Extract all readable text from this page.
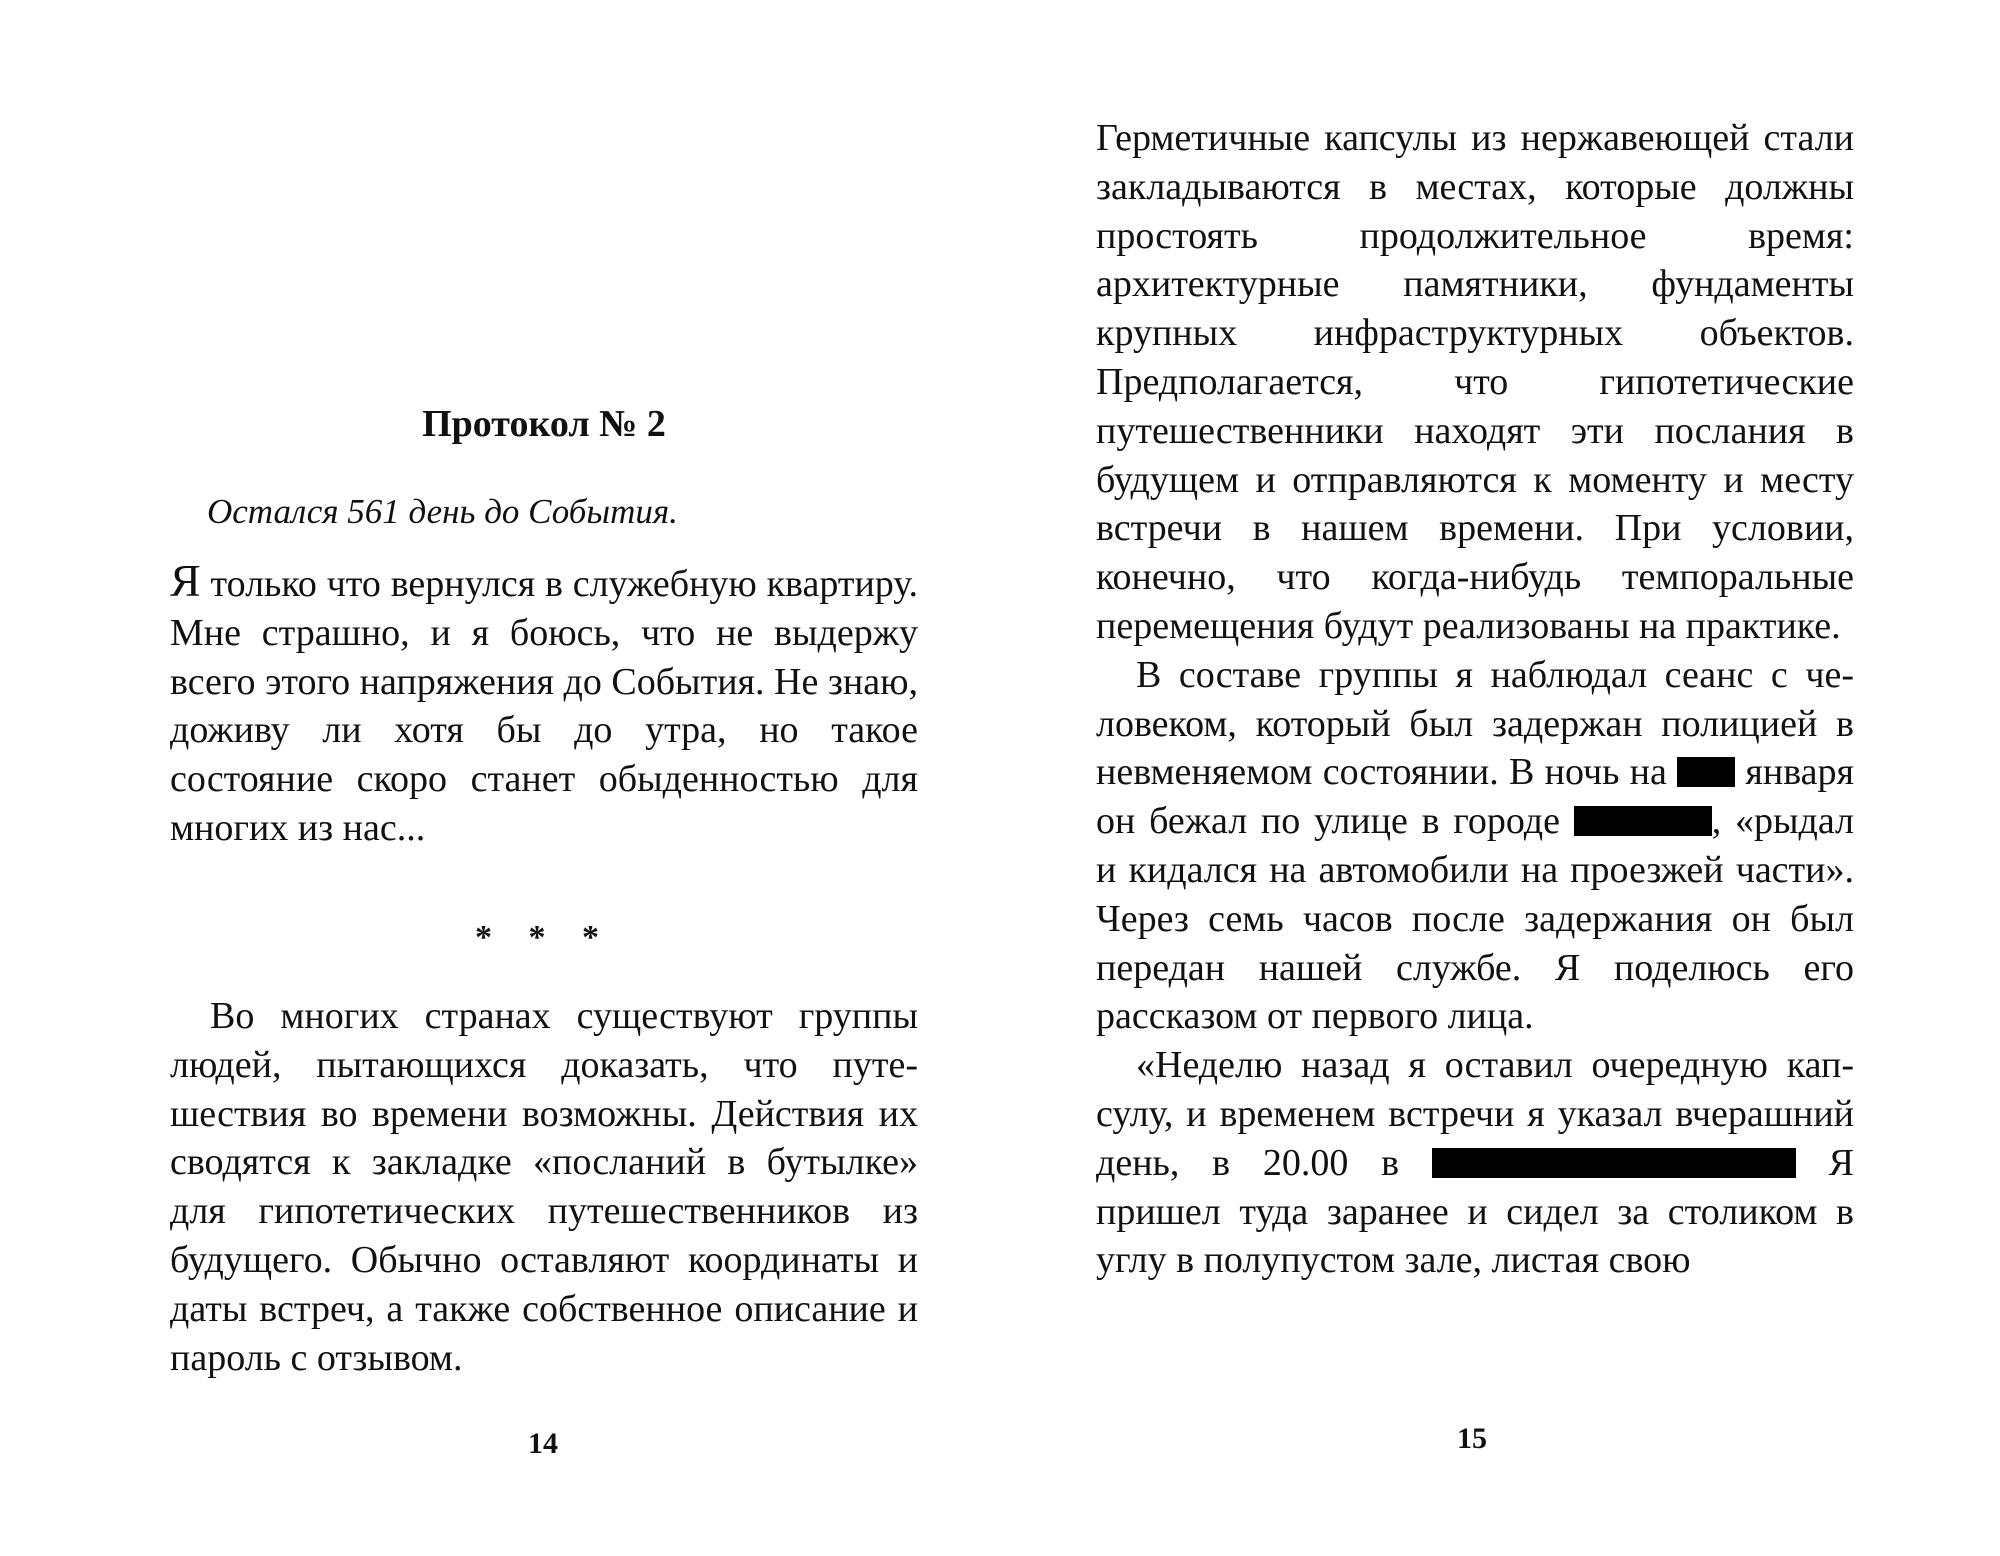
Протокол № 2

Остался 561 день до События.

Я только что вернулся в служебную квартиру. Мне страшно, и я боюсь, что не выдержу всего этого напряжения до События. Не знаю, доживу ли хотя бы до утра, но такое состояние скоро станет обыденностью для многих из нас...

* * *

Во многих странах существуют группы людей, пытающихся доказать, что путешествия во времени возможны. Действия их сводятся к закладке «посланий в бутылке» для гипотетических путешественников из будущего. Обычно оставляют координаты и даты встреч, а также собственное описание и пароль с отзывом.

14

Герметичные капсулы из нержавеющей стали закладываются в местах, которые должны простоять продолжительное время: архитектурные памятники, фундаменты крупных инфраструктурных объектов. Предполагается, что гипотетические путешественники находят эти послания в будущем и отправляются к моменту и месту встречи в нашем времени. При условии, конечно, что когда-нибудь темпоральные перемещения будут реализованы на практике.

В составе группы я наблюдал сеанс с человеком, который был задержан полицией в невменяемом состоянии. В ночь на  января он бежал по улице в городе	, «рыдал и кидался на автомобили на проезжей части». Через семь часов после задержания он был передан нашей службе. Я поделюсь его рассказом от первого лица.

«Неделю назад я оставил очередную капсулу, и временем встречи я указал вчерашний день, в 20.00 в	Я пришел туда заранее и сидел за столиком в углу в полупустом зале, листая свою

15
